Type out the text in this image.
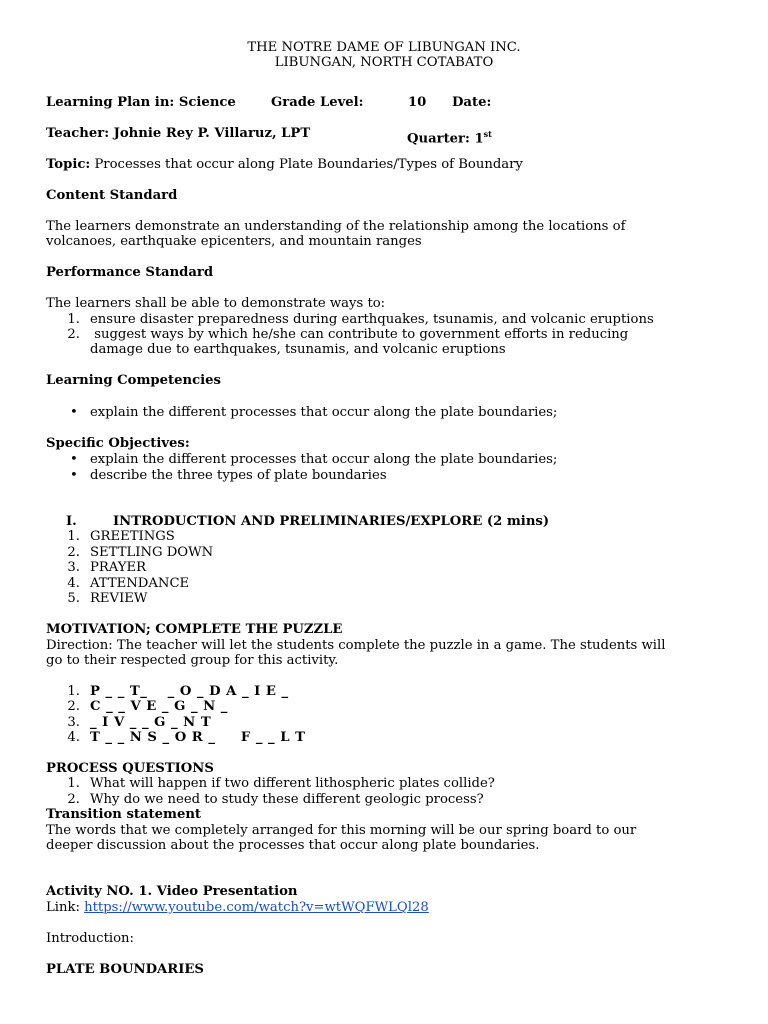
THE NOTRE DAME OF LIBUNGAN INC.
LIBUNGAN, NORTH COTABATO
Learning Plan in: Science	Grade Level:	10 Date:
Teacher: Johnie Rey P. Villaruz, LPT	Quarter: 1st
Topic: Processes that occur along Plate Boundaries/Types of Boundary
Content Standard
The learners demonstrate an understanding of the relationship among the locations of
volcanoes, earthquake epicenters, and mountain ranges
Performance Standard
The learners shall be able to demonstrate ways to:
1. ensure disaster preparedness during earthquakes, tsunamis, and volcanic eruptions
2. suggest ways by which he/she can contribute to government efforts in reducing
damage due to earthquakes, tsunamis, and volcanic eruptions
Learning Competencies
• explain the different processes that occur along the plate boundaries;
Specific Objectives:
• explain the different processes that occur along the plate boundaries;
• describe the three types of plate boundaries
I.	INTRODUCTION AND PRELIMINARIES/EXPLORE (2 mins)
1. GREETINGS
2. SETTLING DOWN
3. PRAYER
4. ATTENDANCE
5. REVIEW
MOTIVATION; COMPLETE THE PUZZLE
Direction: The teacher will let the students complete the puzzle in a game. The students will
go to their respected group for this activity.
1. P _ _ T_    _ O _ D A _ I E _
2. C _ _ V E _ G _ N _
3. _ I V _ _ G _ N T
4. T _ _ N S _ O R _     F _ _ L T
PROCESS QUESTIONS
1. What will happen if two different lithospheric plates collide?
2. Why do we need to study these different geologic process?
Transition statement
The words that we completely arranged for this morning will be our spring board to our
deeper discussion about the processes that occur along plate boundaries.
Activity NO. 1. Video Presentation
Link: https://www.youtube.com/watch?v=wtWQFWLQl28
Introduction:
PLATE BOUNDARIES
